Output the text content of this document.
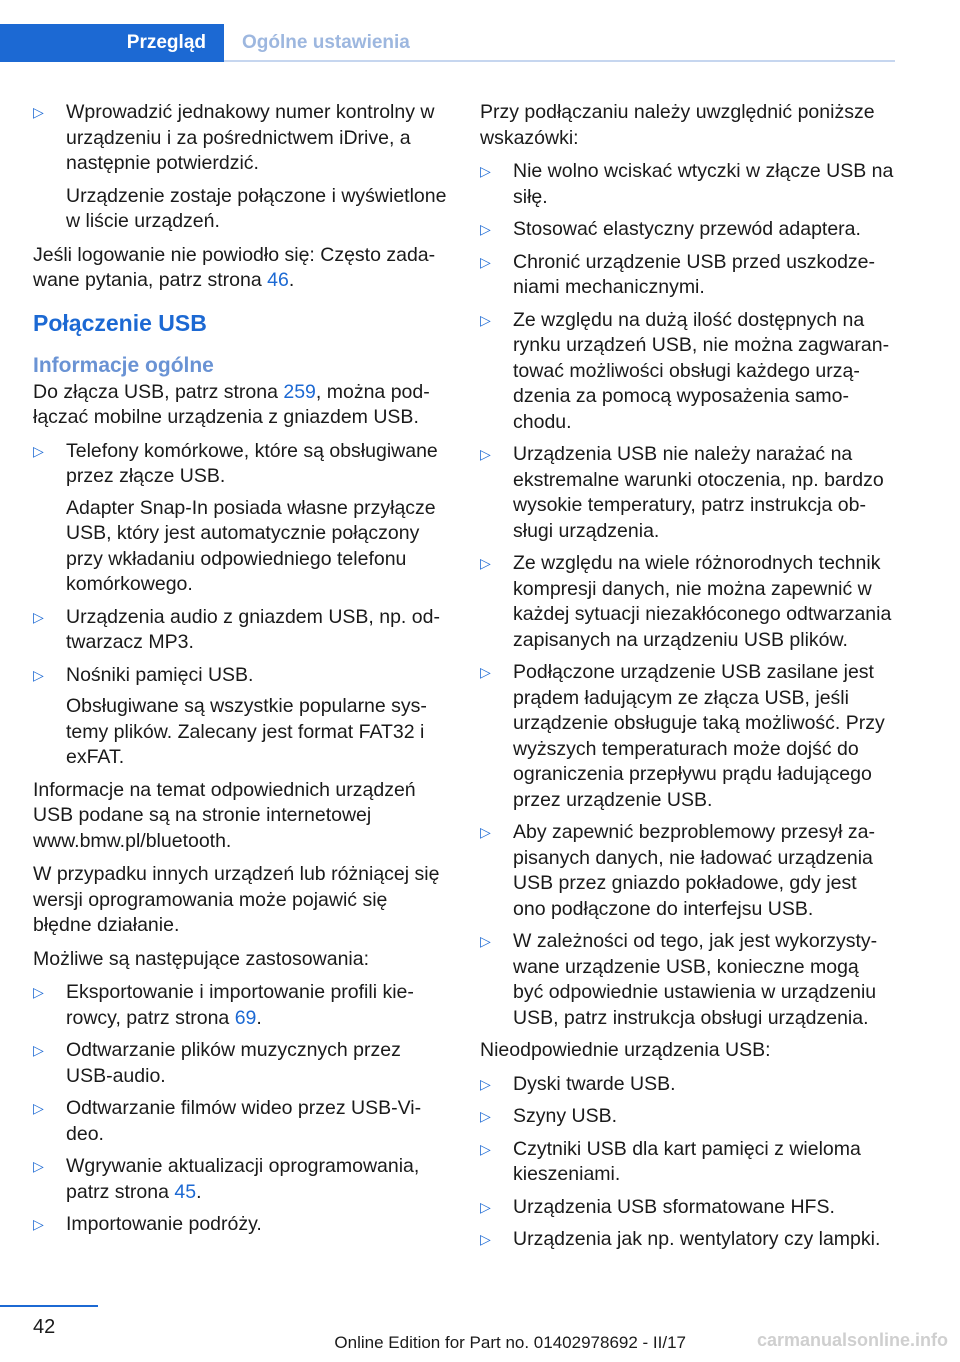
Przegląd	Ogólne ustawienia
▷ Wprowadzić jednakowy numer kontrolny w urządzeniu i za pośrednictwem iDrive, a następnie potwierdzić.

Urządzenie zostaje połączone i wyświetlone w liście urządzeń.

Jeśli logowanie nie powiodło się: Często zadawane pytania, patrz strona 46.

Połączenie USB
Informacje ogólne

Do złącza USB, patrz strona 259, można podłączać mobilne urządzenia z gniazdem USB.

▷ Telefony komórkowe, które są obsługiwane przez złącze USB.

Adapter Snap-In posiada własne przyłącze USB, który jest automatycznie połączony przy wkładaniu odpowiedniego telefonu komórkowego.

▷ Urządzenia audio z gniazdem USB, np. odtwarzacz MP3.

▷ Nośniki pamięci USB.

Obsługiwane są wszystkie popularne systemy plików. Zalecany jest format FAT32 i exFAT.

Informacje na temat odpowiednich urządzeń USB podane są na stronie internetowej www.bmw.pl/bluetooth.

W przypadku innych urządzeń lub różniącej się wersji oprogramowania może pojawić się błędne działanie.

Możliwe są następujące zastosowania:

▷ Eksportowanie i importowanie profili kierowcy, patrz strona 69.

▷ Odtwarzanie plików muzycznych przez USB-audio.

▷ Odtwarzanie filmów wideo przez USB-Video.

▷ Wgrywanie aktualizacji oprogramowania, patrz strona 45.

▷ Importowanie podróży.

Przy podłączaniu należy uwzględnić poniższe wskazówki:

▷ Nie wolno wciskać wtyczki w złącze USB na siłę.

▷ Stosować elastyczny przewód adaptera.

▷ Chronić urządzenie USB przed uszkodzeniami mechanicznymi.

▷ Ze względu na dużą ilość dostępnych na rynku urządzeń USB, nie można zagwarantować możliwości obsługi każdego urządzenia za pomocą wyposażenia samochodu.

▷ Urządzenia USB nie należy narażać na ekstremalne warunki otoczenia, np. bardzo wysokie temperatury, patrz instrukcja obsługi urządzenia.

▷ Ze względu na wiele różnorodnych technik kompresji danych, nie można zapewnić w każdej sytuacji niezakłóconego odtwarzania zapisanych na urządzeniu USB plików.

▷ Podłączone urządzenie USB zasilane jest prądem ładującym ze złącza USB, jeśli urządzenie obsługuje taką możliwość. Przy wyższych temperaturach może dojść do ograniczenia przepływu prądu ładującego przez urządzenie USB.

▷ Aby zapewnić bezproblemowy przesył zapisanych danych, nie ładować urządzenia USB przez gniazdo pokładowe, gdy jest ono podłączone do interfejsu USB.

▷ W zależności od tego, jak jest wykorzystywane urządzenie USB, konieczne mogą być odpowiednie ustawienia w urządzeniu USB, patrz instrukcja obsługi urządzenia.

Nieodpowiednie urządzenia USB:

▷ Dyski twarde USB.

▷ Szyny USB.

▷ Czytniki USB dla kart pamięci z wieloma kieszeniami.

▷ Urządzenia USB sformatowane HFS.

▷ Urządzenia jak np. wentylatory czy lampki.

42
Online Edition for Part no. 01402978692 - II/17	carmanualsonline.info
